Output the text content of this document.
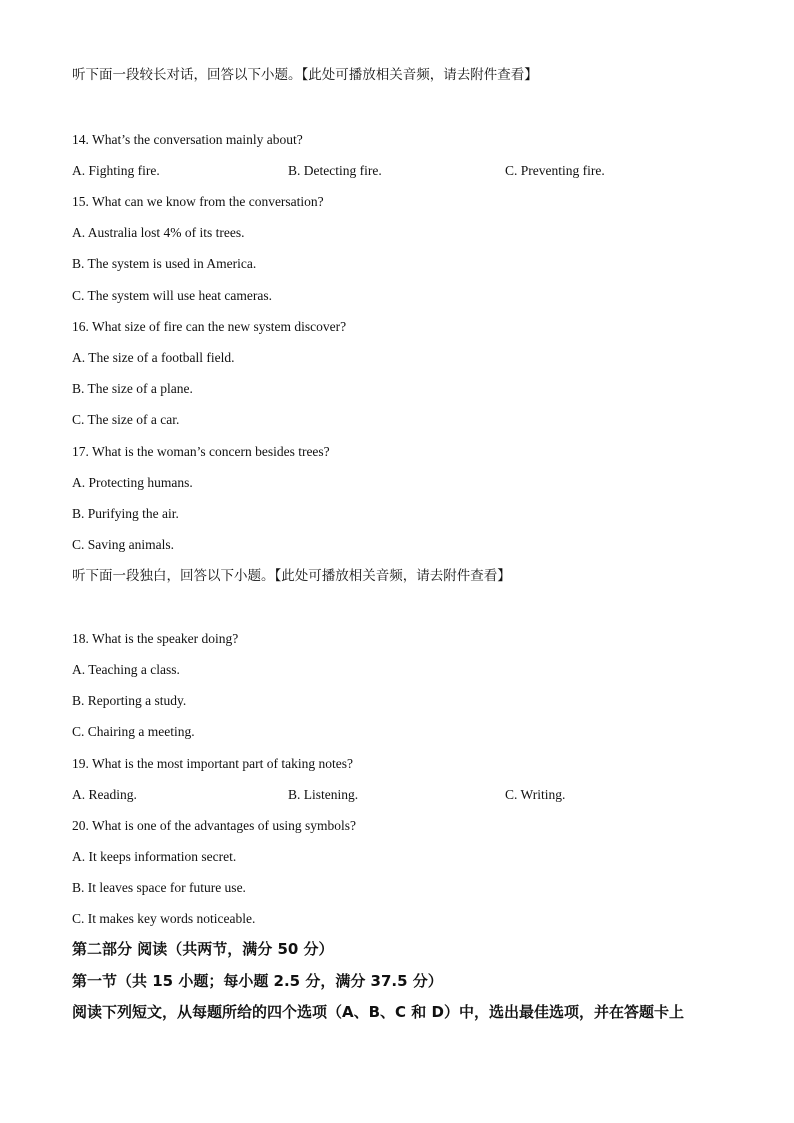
听下面一段较长对话，回答以下小题。【此处可播放相关音频，请去附件查看】
14. What’s the conversation mainly about?
A. Fighting fire.	B. Detecting fire.	C. Preventing fire.
15. What can we know from the conversation?
A. Australia lost 4% of its trees.
B. The system is used in America.
C. The system will use heat cameras.
16. What size of fire can the new system discover?
A. The size of a football field.
B. The size of a plane.
C. The size of a car.
17. What is the woman’s concern besides trees?
A. Protecting humans.
B. Purifying the air.
C. Saving animals.
听下面一段独白，回答以下小题。【此处可播放相关音频，请去附件查看】
18. What is the speaker doing?
A. Teaching a class.
B. Reporting a study.
C. Chairing a meeting.
19. What is the most important part of taking notes?
A. Reading.	B. Listening.	C. Writing.
20. What is one of the advantages of using symbols?
A. It keeps information secret.
B. It leaves space for future use.
C. It makes key words noticeable.
第二部分 阅读（共两节，满分 50 分）
第一节（共 15 小题；每小题 2.5 分，满分 37.5 分）
阅读下列短文，从每题所给的四个选项（A、B、C 和 D）中，选出最佳选项，并在答题卡上
